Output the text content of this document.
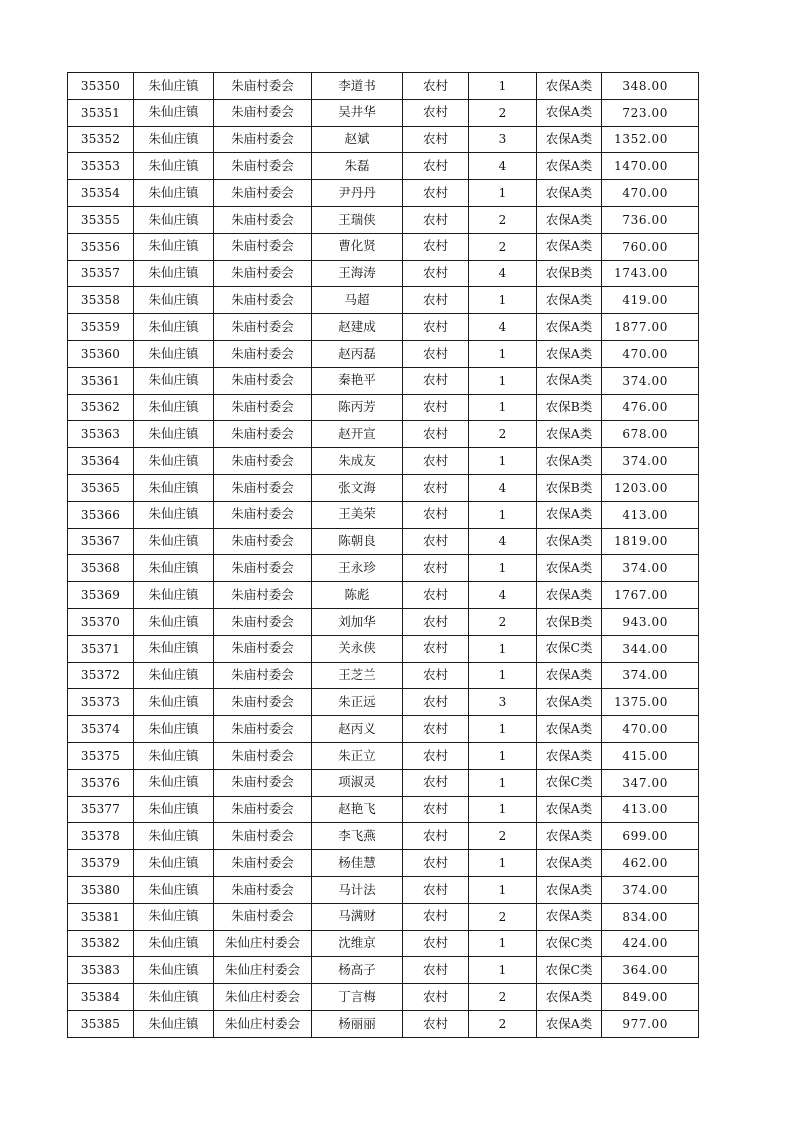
35350	朱仙庄镇	朱庙村委会	李道书	农村	1	农保A类	348.00
35351	朱仙庄镇	朱庙村委会	吴井华	农村	2	农保A类	723.00
35352	朱仙庄镇	朱庙村委会	赵斌	农村	3	农保A类	1352.00
35353	朱仙庄镇	朱庙村委会	朱磊	农村	4	农保A类	1470.00
35354	朱仙庄镇	朱庙村委会	尹丹丹	农村	1	农保A类	470.00
35355	朱仙庄镇	朱庙村委会	王瑞侠	农村	2	农保A类	736.00
35356	朱仙庄镇	朱庙村委会	曹化贤	农村	2	农保A类	760.00
35357	朱仙庄镇	朱庙村委会	王海涛	农村	4	农保B类	1743.00
35358	朱仙庄镇	朱庙村委会	马超	农村	1	农保A类	419.00
35359	朱仙庄镇	朱庙村委会	赵建成	农村	4	农保A类	1877.00
35360	朱仙庄镇	朱庙村委会	赵丙磊	农村	1	农保A类	470.00
35361	朱仙庄镇	朱庙村委会	秦艳平	农村	1	农保A类	374.00
35362	朱仙庄镇	朱庙村委会	陈丙芳	农村	1	农保B类	476.00
35363	朱仙庄镇	朱庙村委会	赵开宣	农村	2	农保A类	678.00
35364	朱仙庄镇	朱庙村委会	朱成友	农村	1	农保A类	374.00
35365	朱仙庄镇	朱庙村委会	张文海	农村	4	农保B类	1203.00
35366	朱仙庄镇	朱庙村委会	王美荣	农村	1	农保A类	413.00
35367	朱仙庄镇	朱庙村委会	陈朝良	农村	4	农保A类	1819.00
35368	朱仙庄镇	朱庙村委会	王永珍	农村	1	农保A类	374.00
35369	朱仙庄镇	朱庙村委会	陈彪	农村	4	农保A类	1767.00
35370	朱仙庄镇	朱庙村委会	刘加华	农村	2	农保B类	943.00
35371	朱仙庄镇	朱庙村委会	关永侠	农村	1	农保C类	344.00
35372	朱仙庄镇	朱庙村委会	王芝兰	农村	1	农保A类	374.00
35373	朱仙庄镇	朱庙村委会	朱正远	农村	3	农保A类	1375.00
35374	朱仙庄镇	朱庙村委会	赵丙义	农村	1	农保A类	470.00
35375	朱仙庄镇	朱庙村委会	朱正立	农村	1	农保A类	415.00
35376	朱仙庄镇	朱庙村委会	项淑灵	农村	1	农保C类	347.00
35377	朱仙庄镇	朱庙村委会	赵艳飞	农村	1	农保A类	413.00
35378	朱仙庄镇	朱庙村委会	李飞燕	农村	2	农保A类	699.00
35379	朱仙庄镇	朱庙村委会	杨佳慧	农村	1	农保A类	462.00
35380	朱仙庄镇	朱庙村委会	马计法	农村	1	农保A类	374.00
35381	朱仙庄镇	朱庙村委会	马满财	农村	2	农保A类	834.00
35382	朱仙庄镇	朱仙庄村委会	沈维京	农村	1	农保C类	424.00
35383	朱仙庄镇	朱仙庄村委会	杨高子	农村	1	农保C类	364.00
35384	朱仙庄镇	朱仙庄村委会	丁言梅	农村	2	农保A类	849.00
35385	朱仙庄镇	朱仙庄村委会	杨丽丽	农村	2	农保A类	977.00
